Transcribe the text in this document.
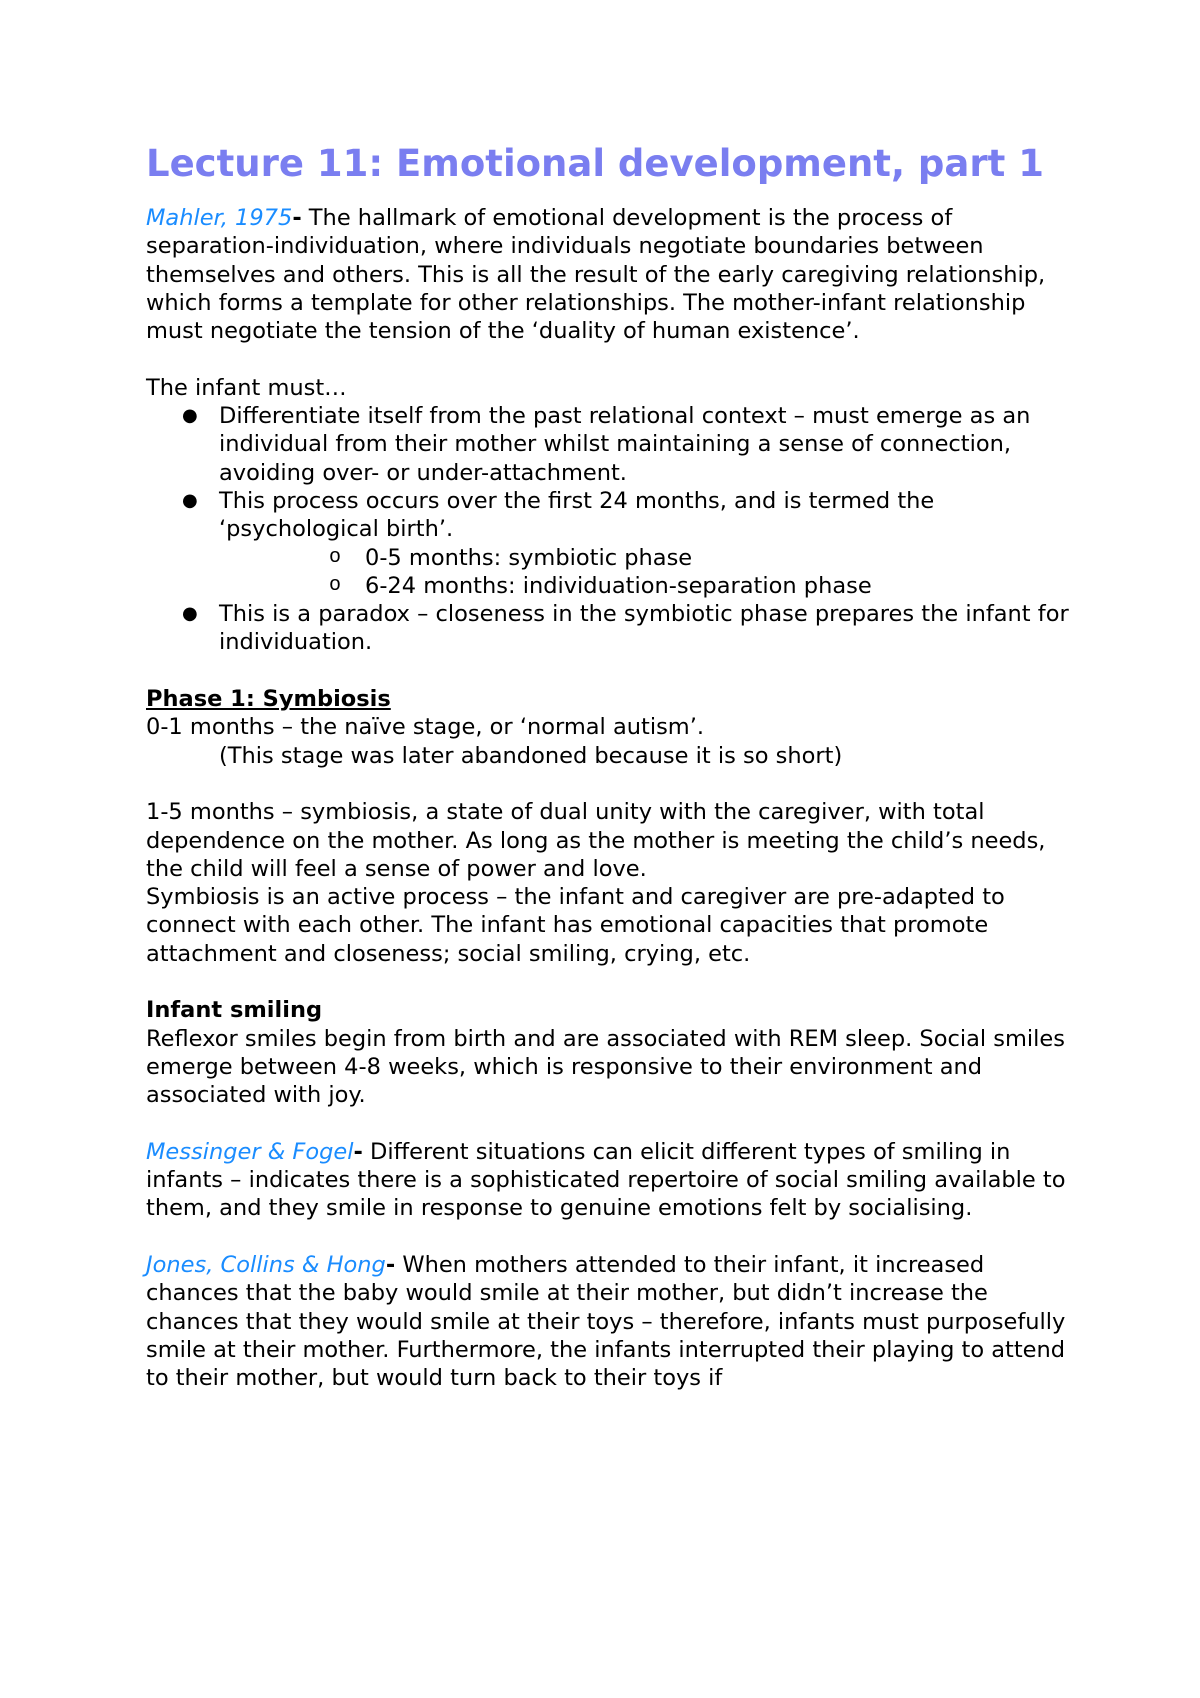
Lecture 11: Emotional development, part 1

Mahler, 1975- The hallmark of emotional development is the process of separation-individuation, where individuals negotiate boundaries between themselves and others. This is all the result of the early caregiving relationship, which forms a template for other relationships. The mother-infant relationship must negotiate the tension of the ‘duality of human existence’.

The infant must…

● Differentiate itself from the past relational context – must emerge as an individual from their mother whilst maintaining a sense of connection, avoiding over- or under-attachment.
● This process occurs over the first 24 months, and is termed the ‘psychological birth’.
o 0-5 months: symbiotic phase
o 6-24 months: individuation-separation phase
● This is a paradox – closeness in the symbiotic phase prepares the infant for individuation.

Phase 1: Symbiosis

0-1 months – the naïve stage, or ‘normal autism’.

(This stage was later abandoned because it is so short)

1-5 months – symbiosis, a state of dual unity with the caregiver, with total dependence on the mother. As long as the mother is meeting the child’s needs, the child will feel a sense of power and love.

Symbiosis is an active process – the infant and caregiver are pre-adapted to connect with each other. The infant has emotional capacities that promote attachment and closeness; social smiling, crying, etc.

Infant smiling

Reflexor smiles begin from birth and are associated with REM sleep. Social smiles emerge between 4-8 weeks, which is responsive to their environment and associated with joy.

Messinger & Fogel- Different situations can elicit different types of smiling in infants – indicates there is a sophisticated repertoire of social smiling available to them, and they smile in response to genuine emotions felt by socialising.

Jones, Collins & Hong- When mothers attended to their infant, it increased chances that the baby would smile at their mother, but didn’t increase the chances that they would smile at their toys – therefore, infants must purposefully smile at their mother. Furthermore, the infants interrupted their playing to attend to their mother, but would turn back to their toys if
